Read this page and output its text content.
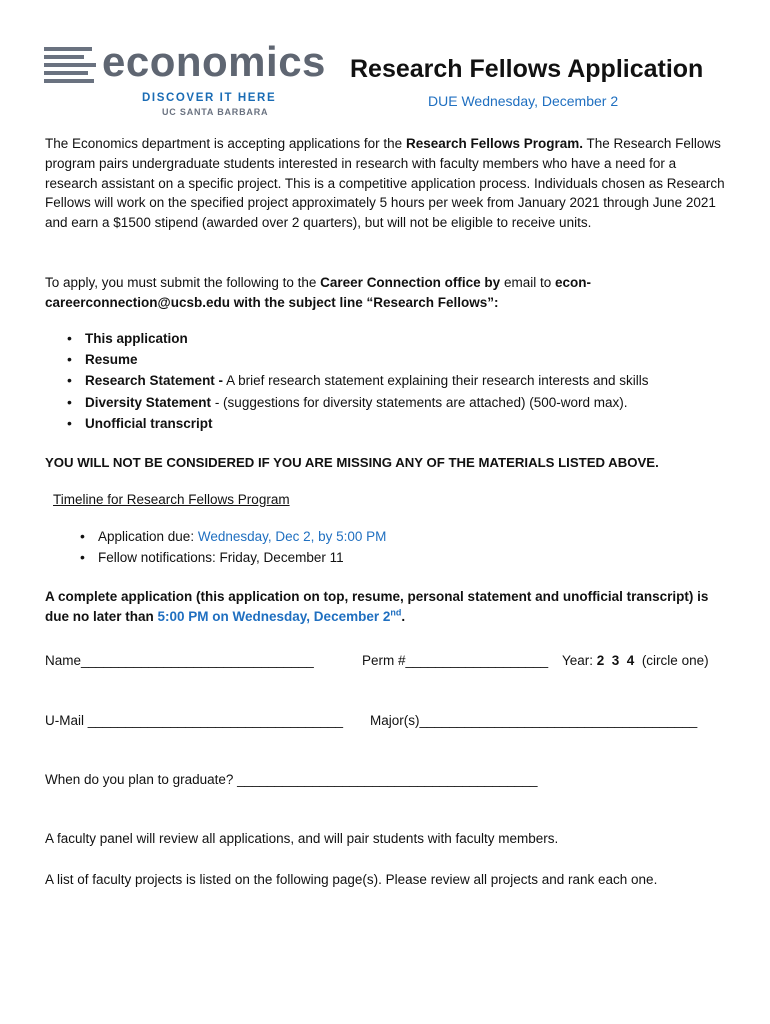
economics
DISCOVER IT HERE
UC SANTA BARBARA
Research Fellows Application
DUE Wednesday, December 2
The Economics department is accepting applications for the Research Fellows Program. The Research Fellows program pairs undergraduate students interested in research with faculty members who have a need for a research assistant on a specific project. This is a competitive application process. Individuals chosen as Research Fellows will work on the specified project approximately 5 hours per week from January 2021 through June 2021 and earn a $1500 stipend (awarded over 2 quarters), but will not be eligible to receive units.
To apply, you must submit the following to the Career Connection office by email to econ-careerconnection@ucsb.edu with the subject line “Research Fellows”:
• This application
• Resume
• Research Statement - A brief research statement explaining their research interests and skills
• Diversity Statement - (suggestions for diversity statements are attached) (500-word max).
• Unofficial transcript
YOU WILL NOT BE CONSIDERED IF YOU ARE MISSING ANY OF THE MATERIALS LISTED ABOVE.
Timeline for Research Fellows Program
• Application due: Wednesday, Dec 2, by 5:00 PM
• Fellow notifications: Friday, December 11
A complete application (this application on top, resume, personal statement and unofficial transcript) is due no later than 5:00 PM on Wednesday, December 2nd.
Name_______________________________	Perm #___________________ Year: 2  3  4  (circle one)
U-Mail __________________________________ Major(s)_____________________________________
When do you plan to graduate? ________________________________________
A faculty panel will review all applications, and will pair students with faculty members.
A list of faculty projects is listed on the following page(s). Please review all projects and rank each one.
